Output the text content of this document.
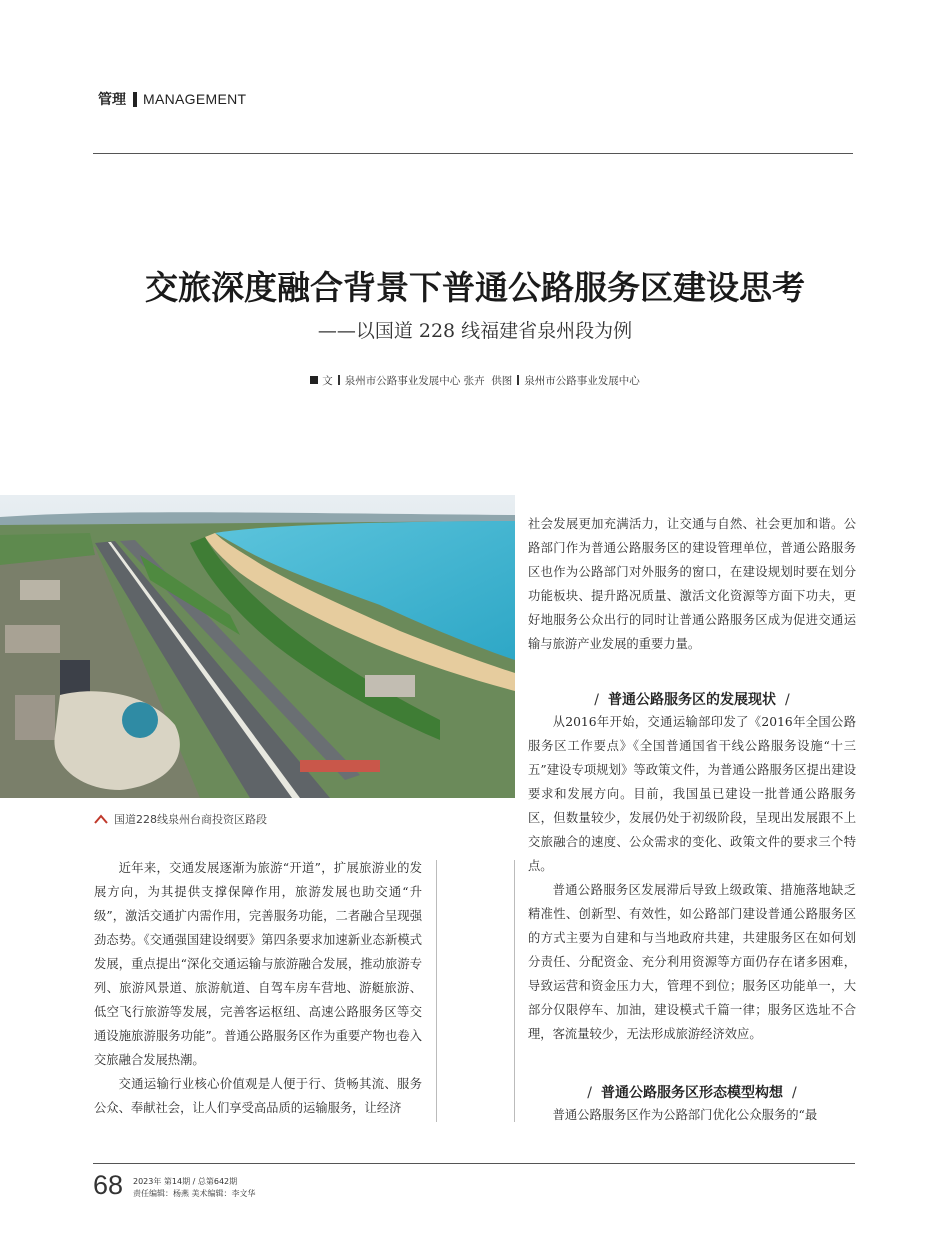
管理 MANAGEMENT
交旅深度融合背景下普通公路服务区建设思考
——以国道 228 线福建省泉州段为例
文 泉州市公路事业发展中心 张卉 供图 泉州市公路事业发展中心
国道228线泉州台商投资区路段

近年来，交通发展逐渐为旅游“开道”，扩展旅游业的发展方向，为其提供支撑保障作用，旅游发展也助交通“升级”，激活交通扩内需作用，完善服务功能，二者融合呈现强劲态势。《交通强国建设纲要》第四条要求加速新业态新模式发展，重点提出“深化交通运输与旅游融合发展，推动旅游专列、旅游风景道、旅游航道、自驾车房车营地、游艇旅游、低空飞行旅游等发展，完善客运枢纽、高速公路服务区等交通设施旅游服务功能”。普通公路服务区作为重要产物也卷入交旅融合发展热潮。

交通运输行业核心价值观是人便于行、货畅其流、服务公众、奉献社会，让人们享受高品质的运输服务，让经济

社会发展更加充满活力，让交通与自然、社会更加和谐。公路部门作为普通公路服务区的建设管理单位，普通公路服务区也作为公路部门对外服务的窗口，在建设规划时要在划分功能板块、提升路况质量、激活文化资源等方面下功夫，更好地服务公众出行的同时让普通公路服务区成为促进交通运输与旅游产业发展的重要力量。

/ 普通公路服务区的发展现状 /

从2016年开始，交通运输部印发了《2016年全国公路服务区工作要点》《全国普通国省干线公路服务设施“十三五”建设专项规划》等政策文件，为普通公路服务区提出建设要求和发展方向。目前，我国虽已建设一批普通公路服务区，但数量较少，发展仍处于初级阶段，呈现出发展跟不上交旅融合的速度、公众需求的变化、政策文件的要求三个特点。

普通公路服务区发展滞后导致上级政策、措施落地缺乏精准性、创新型、有效性，如公路部门建设普通公路服务区的方式主要为自建和与当地政府共建，共建服务区在如何划分责任、分配资金、充分利用资源等方面仍存在诸多困难，导致运营和资金压力大，管理不到位；服务区功能单一，大部分仅限停车、加油，建设模式千篇一律；服务区选址不合理，客流量较少，无法形成旅游经济效应。

/ 普通公路服务区形态模型构想 /

普通公路服务区作为公路部门优化公众服务的“最

68 2023年 第14期 / 总第642期
责任编辑：杨燕 美术编辑：李文华
